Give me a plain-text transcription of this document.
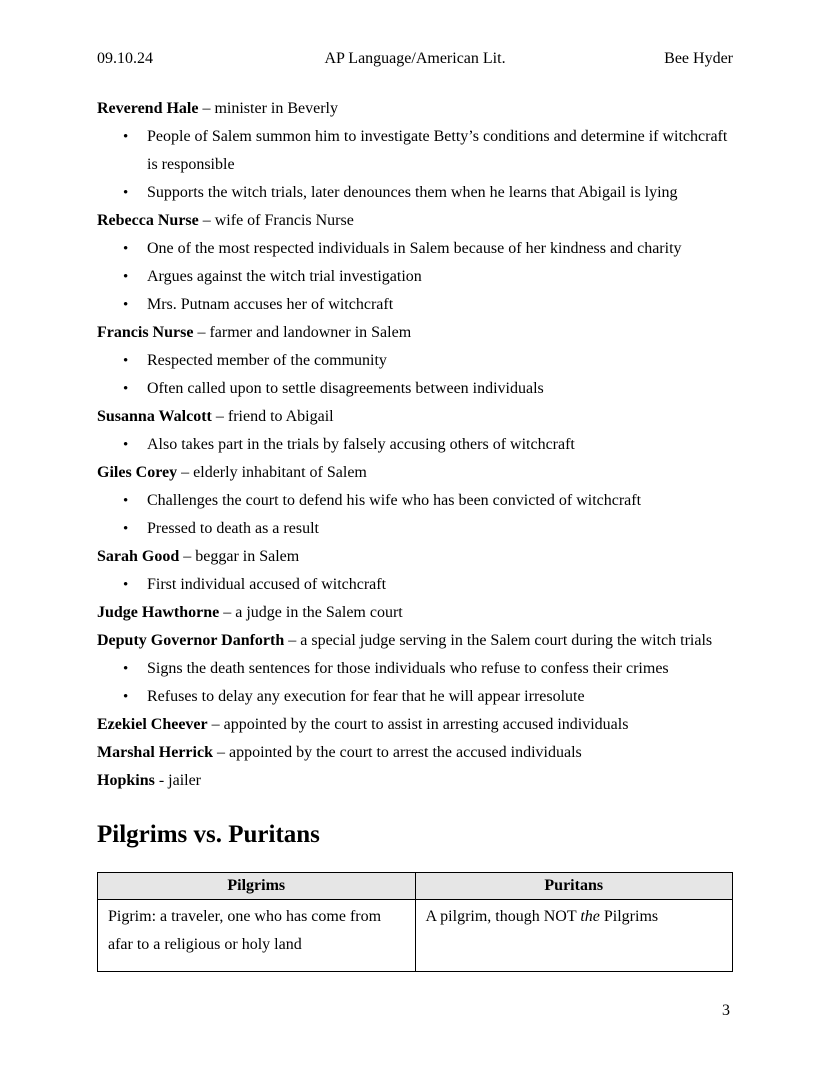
09.10.24	AP Language/American Lit.	Bee Hyder

Reverend Hale – minister in Beverly

•	People of Salem summon him to investigate Betty’s conditions and determine if witchcraft is responsible
•	Supports the witch trials, later denounces them when he learns that Abigail is lying

Rebecca Nurse – wife of Francis Nurse

•	One of the most respected individuals in Salem because of her kindness and charity
•	Argues against the witch trial investigation
•	Mrs. Putnam accuses her of witchcraft

Francis Nurse – farmer and landowner in Salem

•	Respected member of the community
•	Often called upon to settle disagreements between individuals

Susanna Walcott – friend to Abigail

•	Also takes part in the trials by falsely accusing others of witchcraft

Giles Corey – elderly inhabitant of Salem

•	Challenges the court to defend his wife who has been convicted of witchcraft
•	Pressed to death as a result

Sarah Good – beggar in Salem

•	First individual accused of witchcraft

Judge Hawthorne – a judge in the Salem court

Deputy Governor Danforth – a special judge serving in the Salem court during the witch trials

•	Signs the death sentences for those individuals who refuse to confess their crimes
•	Refuses to delay any execution for fear that he will appear irresolute

Ezekiel Cheever – appointed by the court to assist in arresting accused individuals

Marshal Herrick – appointed by the court to arrest the accused individuals

Hopkins - jailer

Pilgrims vs. Puritans
Pilgrims	Puritans
Pigrim: a traveler, one who has come from afar to a religious or holy land	A pilgrim, though NOT the Pilgrims
3
